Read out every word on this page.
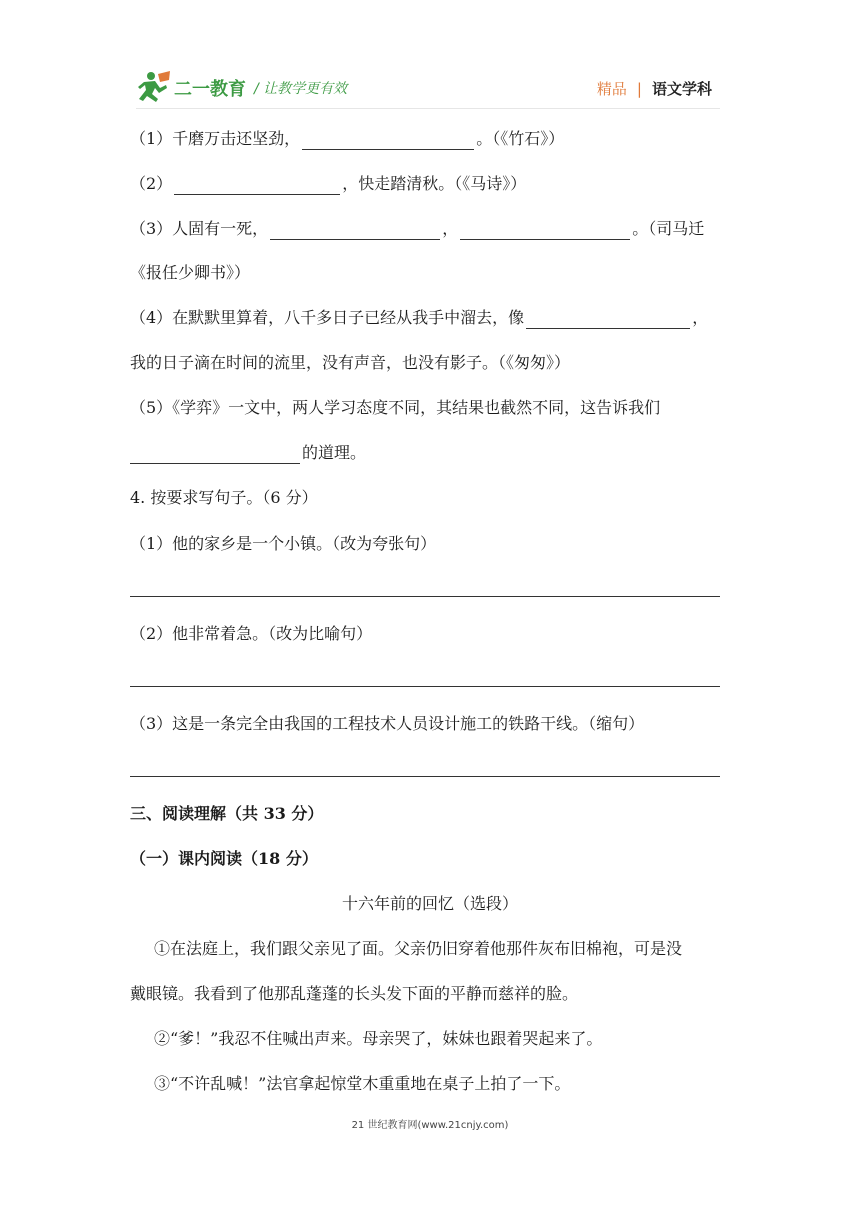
二一教育 / 让教学更有效	精品 | 语文学科
（1）千磨万击还坚劲，	。（《竹石》）
（2）	，快走踏清秋。（《马诗》）
（3）人固有一死，	，	。（司马迁
《报任少卿书》）
（4）在默默里算着，八千多日子已经从我手中溜去，像	，
我的日子滴在时间的流里，没有声音，也没有影子。（《匆匆》）
（5）《学弈》一文中，两人学习态度不同，其结果也截然不同，这告诉我们
的道理。
4. 按要求写句子。（6 分）
（1）他的家乡是一个小镇。（改为夸张句）
（2）他非常着急。（改为比喻句）
（3）这是一条完全由我国的工程技术人员设计施工的铁路干线。（缩句）
三、阅读理解（共 33 分）
（一）课内阅读（18 分）
十六年前的回忆（选段）
①在法庭上，我们跟父亲见了面。父亲仍旧穿着他那件灰布旧棉袍，可是没
戴眼镜。我看到了他那乱蓬蓬的长头发下面的平静而慈祥的脸。
②“爹！”我忍不住喊出声来。母亲哭了，妹妹也跟着哭起来了。
③“不许乱喊！”法官拿起惊堂木重重地在桌子上拍了一下。
21 世纪教育网(www.21cnjy.com)
